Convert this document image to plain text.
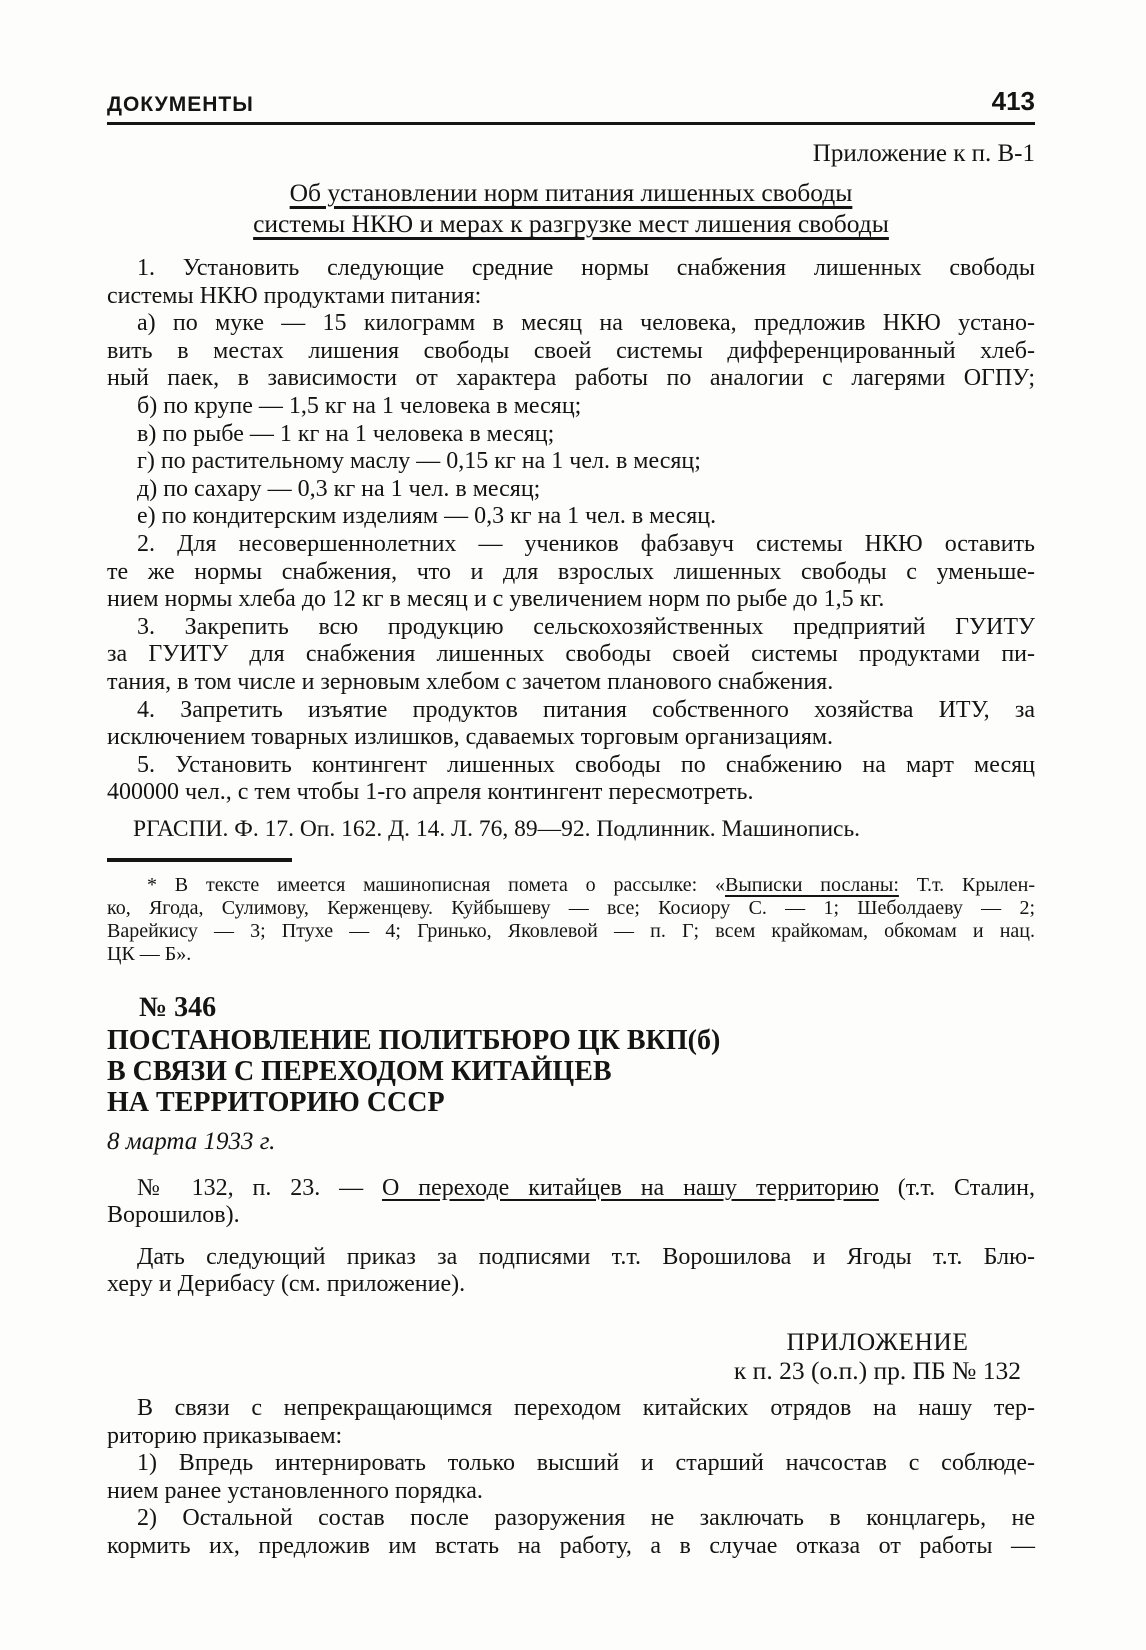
ДОКУМЕНТЫ	413
Приложение к п. В-1
Об установлении норм питания лишенных свободы
системы НКЮ и мерах к разгрузке мест лишения свободы
1. Установить следующие средние нормы снабжения лишенных свободы
системы НКЮ продуктами питания:
а) по муке — 15 килограмм в месяц на человека, предложив НКЮ устано-
вить в местах лишения свободы своей системы дифференцированный хлеб-
ный паек, в зависимости от характера работы по аналогии с лагерями ОГПУ;
б) по крупе — 1,5 кг на 1 человека в месяц;
в) по рыбе — 1 кг на 1 человека в месяц;
г) по растительному маслу — 0,15 кг на 1 чел. в месяц;
д) по сахару — 0,3 кг на 1 чел. в месяц;
е) по кондитерским изделиям — 0,3 кг на 1 чел. в месяц.
2. Для несовершеннолетних — учеников фабзавуч системы НКЮ оставить
те же нормы снабжения, что и для взрослых лишенных свободы с уменьше-
нием нормы хлеба до 12 кг в месяц и с увеличением норм по рыбе до 1,5 кг.
3. Закрепить всю продукцию сельскохозяйственных предприятий ГУИТУ
за ГУИТУ для снабжения лишенных свободы своей системы продуктами пи-
тания, в том числе и зерновым хлебом с зачетом планового снабжения.
4. Запретить изъятие продуктов питания собственного хозяйства ИТУ, за
исключением товарных излишков, сдаваемых торговым организациям.
5. Установить контингент лишенных свободы по снабжению на март месяц
400000 чел., с тем чтобы 1-го апреля контингент пересмотреть.

РГАСПИ. Ф. 17. Оп. 162. Д. 14. Л. 76, 89—92. Подлинник. Машинопись.

* В тексте имеется машинописная помета о рассылке: «Выписки посланы: Т.т. Крылен-
ко, Ягода, Сулимову, Керженцеву. Куйбышеву — все; Косиору С. — 1; Шеболдаеву — 2;
Варейкису — 3; Птухе — 4; Гринько, Яковлевой — п. Г; всем крайкомам, обкомам и нац.
ЦК — Б».
№ 346
ПОСТАНОВЛЕНИЕ ПОЛИТБЮРО ЦК ВКП(б)
В СВЯЗИ С ПЕРЕХОДОМ КИТАЙЦЕВ
НА ТЕРРИТОРИЮ СССР
8 марта 1933 г.
№ 132, п. 23. — О переходе китайцев на нашу территорию (т.т. Сталин,
Ворошилов).
Дать следующий приказ за подписями т.т. Ворошилова и Ягоды т.т. Блю-
херу и Дерибасу (см. приложение).
ПРИЛОЖЕНИЕ
к п. 23 (о.п.) пр. ПБ № 132
В связи с непрекращающимся переходом китайских отрядов на нашу тер-
риторию приказываем:
1) Впредь интернировать только высший и старший начсостав с соблюде-
нием ранее установленного порядка.
2) Остальной состав после разоружения не заключать в концлагерь, не
кормить их, предложив им встать на работу, а в случае отказа от работы —
